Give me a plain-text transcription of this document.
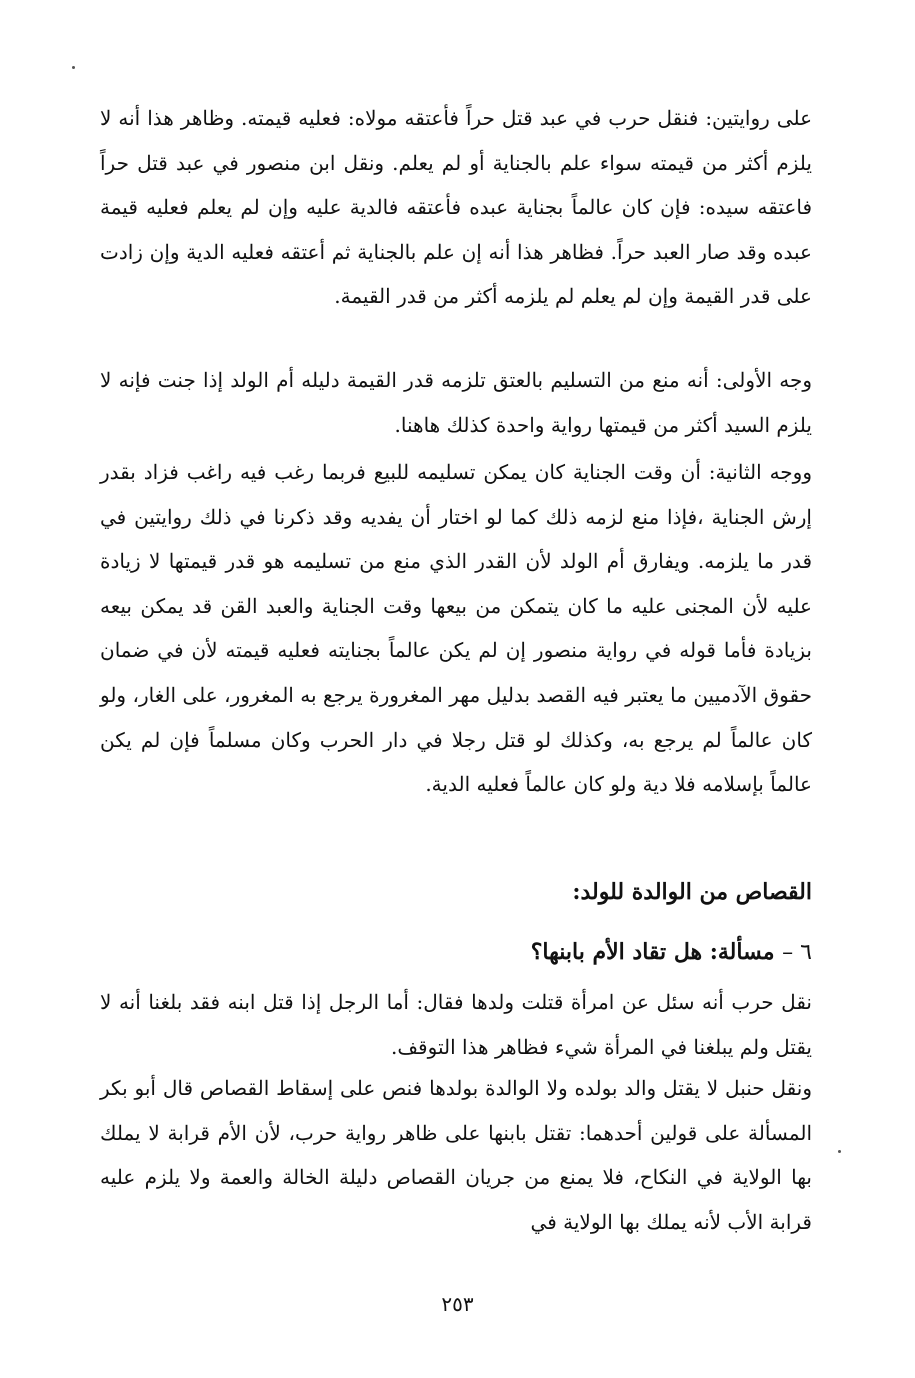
على روايتين: فنقل حرب في عبد قتل حراً فأعتقه مولاه: فعليه قيمته. وظاهر هذا أنه لا يلزم أكثر من قيمته سواء علم بالجناية أو لم يعلم. ونقل ابن منصور في عبد قتل حراً فاعتقه سيده: فإن كان عالماً بجناية عبده فأعتقه فالدية عليه وإن لم يعلم فعليه قيمة عبده وقد صار العبد حراً. فظاهر هذا أنه إن علم بالجناية ثم أعتقه فعليه الدية وإن زادت على قدر القيمة وإن لم يعلم لم يلزمه أكثر من قدر القيمة.

وجه الأولى: أنه منع من التسليم بالعتق تلزمه قدر القيمة دليله أم الولد إذا جنت فإنه لا يلزم السيد أكثر من قيمتها رواية واحدة كذلك هاهنا.

ووجه الثانية: أن وقت الجناية كان يمكن تسليمه للبيع فربما رغب فيه راغب فزاد بقدر إرش الجناية ،فإذا منع لزمه ذلك كما لو اختار أن يفديه وقد ذكرنا في ذلك روايتين في قدر ما يلزمه. ويفارق أم الولد لأن القدر الذي منع من تسليمه هو قدر قيمتها لا زيادة عليه لأن المجنى عليه ما كان يتمكن من بيعها وقت الجناية والعبد القن قد يمكن بيعه بزيادة فأما قوله في رواية منصور إن لم يكن عالماً بجنايته فعليه قيمته لأن في ضمان حقوق الآدميين ما يعتبر فيه القصد بدليل مهر المغرورة يرجع به المغرور، على الغار، ولو كان عالماً لم يرجع به، وكذلك لو قتل رجلا في دار الحرب وكان مسلماً فإن لم يكن عالماً بإسلامه فلا دية ولو كان عالماً فعليه الدية.

القصاص من الوالدة للولد:
٦ – مسألة: هل تقاد الأم بابنها؟

نقل حرب أنه سئل عن امرأة قتلت ولدها فقال: أما الرجل إذا قتل ابنه فقد بلغنا أنه لا يقتل ولم يبلغنا في المرأة شيء فظاهر هذا التوقف.

ونقل حنبل لا يقتل والد بولده ولا الوالدة بولدها فنص على إسقاط القصاص قال أبو بكر المسألة على قولين أحدهما: تقتل بابنها على ظاهر رواية حرب، لأن الأم قرابة لا يملك بها الولاية في النكاح، فلا يمنع من جريان القصاص دليلة الخالة والعمة ولا يلزم عليه قرابة الأب لأنه يملك بها الولاية في

٢٥٣
